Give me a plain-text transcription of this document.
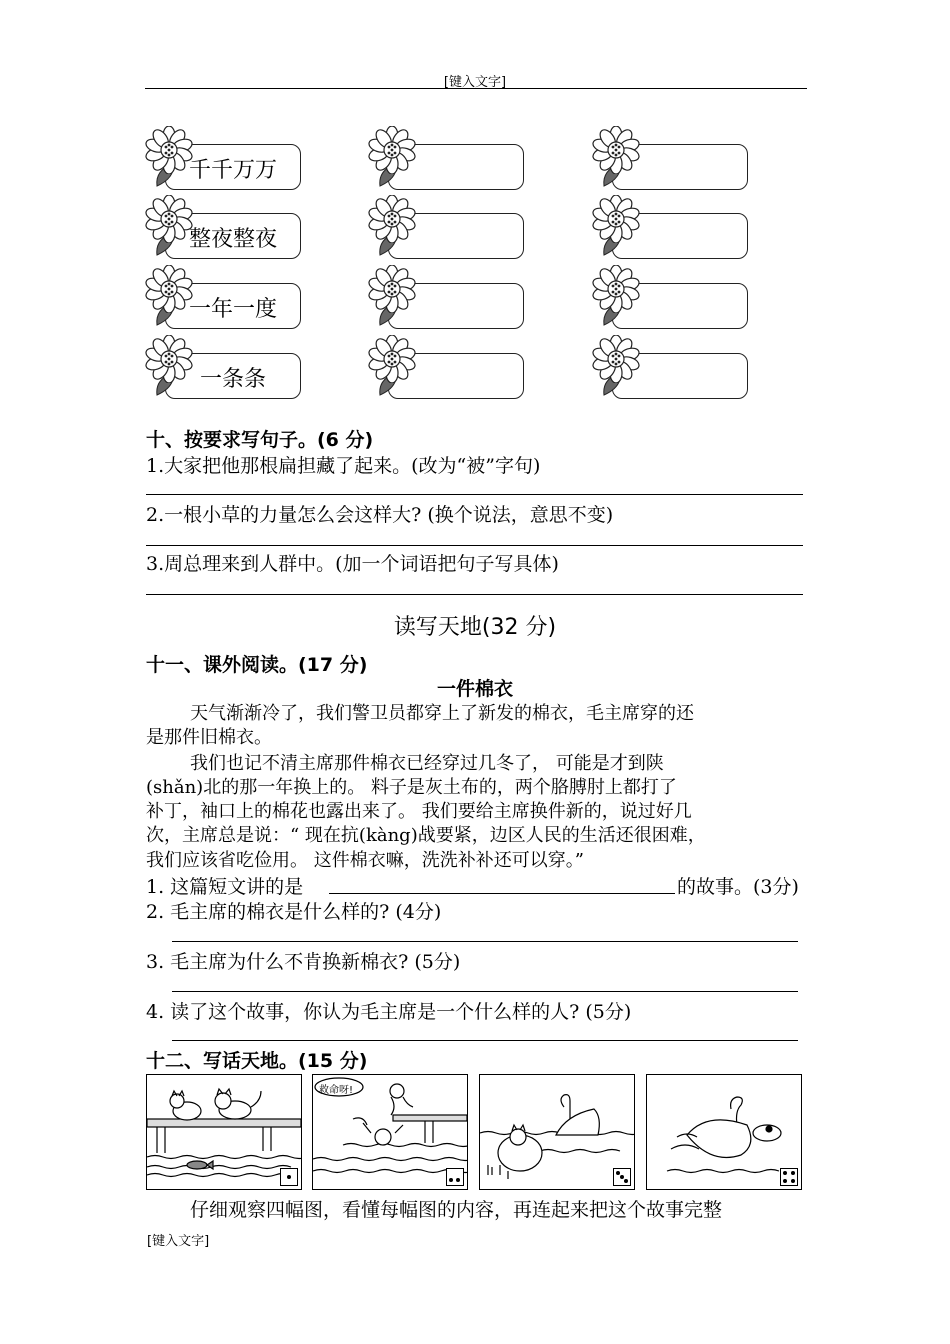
[键入文字]
千千万万
整夜整夜
一年一度
一条条
十、按要求写句子。(6 分)
1.大家把他那根扁担藏了起来。(改为“被”字句)
2.一根小草的力量怎么会这样大? (换个说法，意思不变)
3.周总理来到人群中。(加一个词语把句子写具体)
读写天地(32 分)
十一、课外阅读。(17 分)
一件棉衣
天气渐渐冷了，我们警卫员都穿上了新发的棉衣，毛主席穿的还
是那件旧棉衣。
我们也记不清主席那件棉衣已经穿过几冬了， 可能是才到陕
(shǎn)北的那一年换上的。 料子是灰土布的，两个胳膊肘上都打了
补丁，袖口上的棉花也露出来了。 我们要给主席换件新的，说过好几
次，主席总是说：“ 现在抗(kàng)战要紧，边区人民的生活还很困难，
我们应该省吃俭用。 这件棉衣嘛，洗洗补补还可以穿。”
1. 这篇短文讲的是	的故事。(3分)
2. 毛主席的棉衣是什么样的? (4分)
3. 毛主席为什么不肯换新棉衣? (5分)
4. 读了这个故事，你认为毛主席是一个什么样的人? (5分)
十二、写话天地。(15 分)
救命呀!
仔细观察四幅图，看懂每幅图的内容，再连起来把这个故事完整
[键入文字]
